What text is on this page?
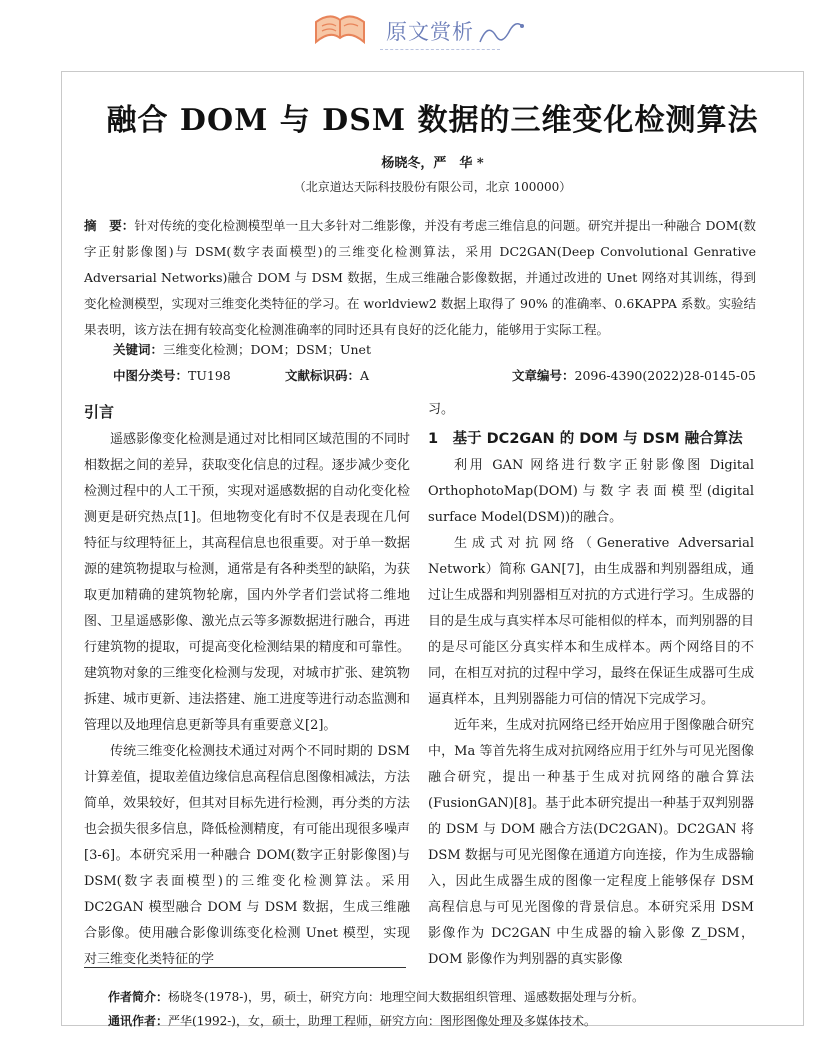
原文赏析
融合 DOM 与 DSM 数据的三维变化检测算法
杨晓冬，严　华 *
（北京道达天际科技股份有限公司，北京 100000）
摘　要：针对传统的变化检测模型单一且大多针对二维影像，并没有考虑三维信息的问题。研究并提出一种融合 DOM(数字正射影像图)与 DSM(数字表面模型)的三维变化检测算法，采用 DC2GAN(Deep Convolutional Genrative Adversarial Networks)融合 DOM 与 DSM 数据，生成三维融合影像数据，并通过改进的 Unet 网络对其训练，得到变化检测模型，实现对三维变化类特征的学习。在 worldview2 数据上取得了 90% 的准确率、0.6KAPPA 系数。实验结果表明，该方法在拥有较高变化检测准确率的同时还具有良好的泛化能力，能够用于实际工程。
关键词：三维变化检测；DOM；DSM；Unet
中图分类号：TU198	文献标识码：A	文章编号：2096-4390(2022)28-0145-05
引言

遥感影像变化检测是通过对比相同区域范围的不同时相数据之间的差异，获取变化信息的过程。逐步减少变化检测过程中的人工干预，实现对遥感数据的自动化变化检测更是研究热点[1]。但地物变化有时不仅是表现在几何特征与纹理特征上，其高程信息也很重要。对于单一数据源的建筑物提取与检测，通常是有各种类型的缺陷，为获取更加精确的建筑物轮廓，国内外学者们尝试将二维地图、卫星遥感影像、激光点云等多源数据进行融合，再进行建筑物的提取，可提高变化检测结果的精度和可靠性。建筑物对象的三维变化检测与发现，对城市扩张、建筑物拆建、城市更新、违法搭建、施工进度等进行动态监测和管理以及地理信息更新等具有重要意义[2]。

传统三维变化检测技术通过对两个不同时期的 DSM 计算差值，提取差值边缘信息高程信息图像相减法，方法简单，效果较好，但其对目标先进行检测，再分类的方法也会损失很多信息，降低检测精度，有可能出现很多噪声[3-6]。本研究采用一种融合 DOM(数字正射影像图)与 DSM(数字表面模型)的三维变化检测算法。采用 DC2GAN 模型融合 DOM 与 DSM 数据，生成三维融合影像。使用融合影像训练变化检测 Unet 模型，实现对三维变化类特征的学

习。

1　基于 DC2GAN 的 DOM 与 DSM 融合算法

利用 GAN 网络进行数字正射影像图 Digital OrthophotoMap(DOM)与数字表面模型(digital surface Model(DSM))的融合。

生成式对抗网络（Generative Adversarial Network）简称 GAN[7]，由生成器和判别器组成，通过让生成器和判别器相互对抗的方式进行学习。生成器的目的是生成与真实样本尽可能相似的样本，而判别器的目的是尽可能区分真实样本和生成样本。两个网络目的不同，在相互对抗的过程中学习，最终在保证生成器可生成逼真样本，且判别器能力可信的情况下完成学习。

近年来，生成对抗网络已经开始应用于图像融合研究中，Ma 等首先将生成对抗网络应用于红外与可见光图像融合研究，提出一种基于生成对抗网络的融合算法(FusionGAN)[8]。基于此本研究提出一种基于双判别器的 DSM 与 DOM 融合方法(DC2GAN)。DC2GAN 将 DSM 数据与可见光图像在通道方向连接，作为生成器输入，因此生成器生成的图像一定程度上能够保存 DSM 高程信息与可见光图像的背景信息。本研究采用 DSM 影像作为 DC2GAN 中生成器的输入影像 Z_DSM，DOM 影像作为判别器的真实影像

作者简介：杨晓冬(1978-)，男，硕士，研究方向：地理空间大数据组织管理、遥感数据处理与分析。
通讯作者：严华(1992-)，女，硕士，助理工程师，研究方向：图形图像处理及多媒体技术。
